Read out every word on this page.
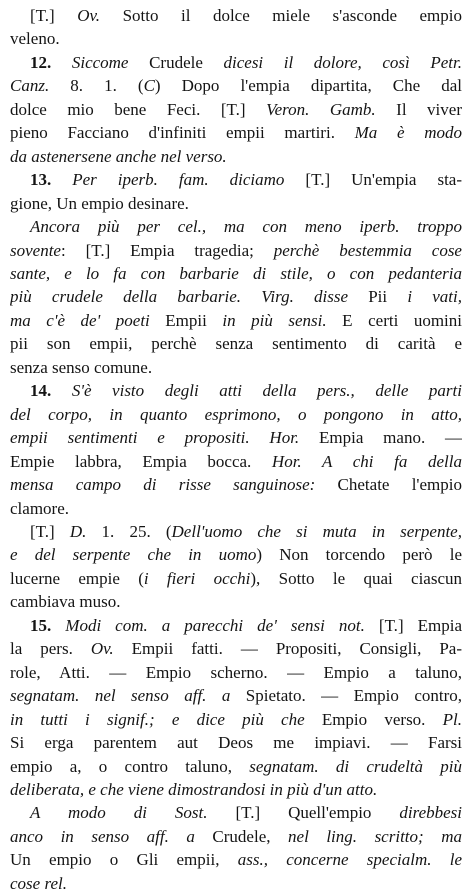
[T.] Ov. Sotto il dolce miele s'asconde empio
veleno.
12. Siccome Crudele dicesi il dolore, così Petr.
Canz. 8. 1. (C) Dopo l'empia dipartita, Che dal
dolce mio bene Feci. [T.] Veron. Gamb. Il viver
pieno Facciano d'infiniti empii martiri. Ma è modo
da astenersene anche nel verso.
13. Per iperb. fam. diciamo [T.] Un'empia sta-
gione, Un empio desinare.
Ancora più per cel., ma con meno iperb. troppo
sovente: [T.] Empia tragedia; perchè bestemmia cose
sante, e lo fa con barbarie di stile, o con pedanteria
più crudele della barbarie. Virg. disse Pii i vati,
ma c'è de' poeti Empii in più sensi. E certi uomini
pii son empii, perchè senza sentimento di carità e
senza senso comune.
14. S'è visto degli atti della pers., delle parti
del corpo, in quanto esprimono, o pongono in atto,
empii sentimenti e propositi. Hor. Empia mano. —
Empie labbra, Empia bocca. Hor. A chi fa della
mensa campo di risse sanguinose: Chetate l'empio
clamore.
[T.] D. 1. 25. (Dell'uomo che si muta in serpente,
e del serpente che in uomo) Non torcendo però le
lucerne empie (i fieri occhi), Sotto le quai ciascun
cambiava muso.
15. Modi com. a parecchi de' sensi not. [T.] Empia
la pers. Ov. Empii fatti. — Propositi, Consigli, Pa-
role, Atti. — Empio scherno. — Empio a taluno,
segnatam. nel senso aff. a Spietato. — Empio contro,
in tutti i signif.; e dice più che Empio verso. Pl.
Si erga parentem aut Deos me impiavi. — Farsi
empio a, o contro taluno, segnatam. di crudeltà più
deliberata, e che viene dimostrandosi in più d'un atto.
A modo di Sost. [T.] Quell'empio direbbesi
anco in senso aff. a Crudele, nel ling. scritto; ma
Un empio o Gli empii, ass., concerne specialm. le
cose rel.
